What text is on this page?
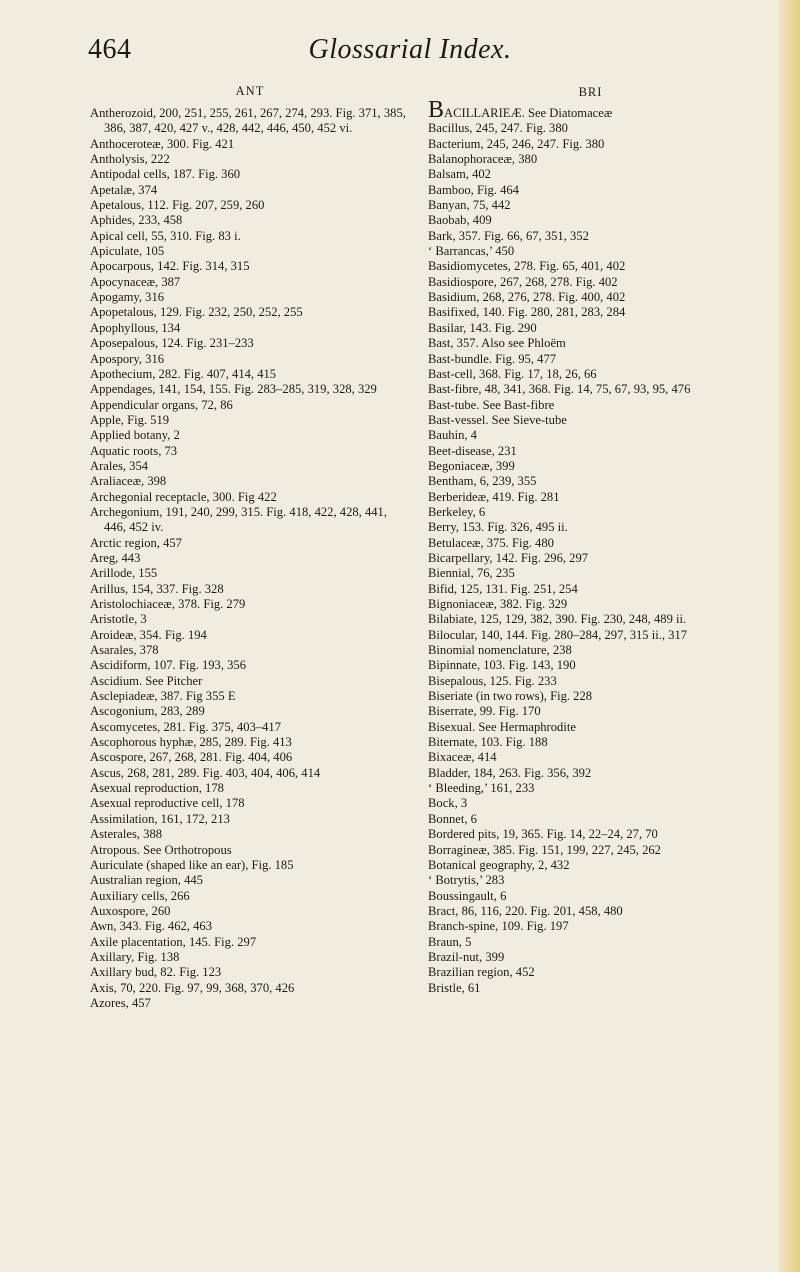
464	Glossarial Index.
ANT
Antherozoid, 200, 251, 255, 261, 267, 274, 293. Fig. 371, 385, 386, 387, 420, 427 v., 428, 442, 446, 450, 452 vi.
Anthoceroteæ, 300. Fig. 421
Antholysis, 222
Antipodal cells, 187. Fig. 360
Apetalæ, 374
Apetalous, 112. Fig. 207, 259, 260
Aphides, 233, 458
Apical cell, 55, 310. Fig. 83 i.
Apiculate, 105
Apocarpous, 142. Fig. 314, 315
Apocynaceæ, 387
Apogamy, 316
Apopetalous, 129. Fig. 232, 250, 252, 255
Apophyllous, 134
Aposepalous, 124. Fig. 231–233
Apospory, 316
Apothecium, 282. Fig. 407, 414, 415
Appendages, 141, 154, 155. Fig. 283–285, 319, 328, 329
Appendicular organs, 72, 86
Apple, Fig. 519
Applied botany, 2
Aquatic roots, 73
Arales, 354
Araliaceæ, 398
Archegonial receptacle, 300. Fig 422
Archegonium, 191, 240, 299, 315. Fig. 418, 422, 428, 441, 446, 452 iv.
Arctic region, 457
Areg, 443
Arillode, 155
Arillus, 154, 337. Fig. 328
Aristolochiaceæ, 378. Fig. 279
Aristotle, 3
Aroideæ, 354. Fig. 194
Asarales, 378
Ascidiform, 107. Fig. 193, 356
Ascidium. See Pitcher
Asclepiadeæ, 387. Fig 355 E
Ascogonium, 283, 289
Ascomycetes, 281. Fig. 375, 403–417
Ascophorous hyphæ, 285, 289. Fig. 413
Ascospore, 267, 268, 281. Fig. 404, 406
Ascus, 268, 281, 289. Fig. 403, 404, 406, 414
Asexual reproduction, 178
Asexual reproductive cell, 178
Assimilation, 161, 172, 213
Asterales, 388
Atropous. See Orthotropous
Auriculate (shaped like an ear), Fig. 185
Australian region, 445
Auxiliary cells, 266
Auxospore, 260
Awn, 343. Fig. 462, 463
Axile placentation, 145. Fig. 297
Axillary, Fig. 138
Axillary bud, 82. Fig. 123
Axis, 70, 220. Fig. 97, 99, 368, 370, 426
Azores, 457
BRI
BACILLARIEÆ. See Diatomaceæ
Bacillus, 245, 247. Fig. 380
Bacterium, 245, 246, 247. Fig. 380
Balanophoraceæ, 380
Balsam, 402
Bamboo, Fig. 464
Banyan, 75, 442
Baobab, 409
Bark, 357. Fig. 66, 67, 351, 352
‘ Barrancas,’ 450
Basidiomycetes, 278. Fig. 65, 401, 402
Basidiospore, 267, 268, 278. Fig. 402
Basidium, 268, 276, 278. Fig. 400, 402
Basifixed, 140. Fig. 280, 281, 283, 284
Basilar, 143. Fig. 290
Bast, 357. Also see Phloëm
Bast-bundle. Fig. 95, 477
Bast-cell, 368. Fig. 17, 18, 26, 66
Bast-fibre, 48, 341, 368. Fig. 14, 75, 67, 93, 95, 476
Bast-tube. See Bast-fibre
Bast-vessel. See Sieve-tube
Bauhin, 4
Beet-disease, 231
Begoniaceæ, 399
Bentham, 6, 239, 355
Berberideæ, 419. Fig. 281
Berkeley, 6
Berry, 153. Fig. 326, 495 ii.
Betulaceæ, 375. Fig. 480
Bicarpellary, 142. Fig. 296, 297
Biennial, 76, 235
Bifid, 125, 131. Fig. 251, 254
Bignoniaceæ, 382. Fig. 329
Bilabiate, 125, 129, 382, 390. Fig. 230, 248, 489 ii.
Bilocular, 140, 144. Fig. 280–284, 297, 315 ii., 317
Binomial nomenclature, 238
Bipinnate, 103. Fig. 143, 190
Bisepalous, 125. Fig. 233
Biseriate (in two rows), Fig. 228
Biserrate, 99. Fig. 170
Bisexual. See Hermaphrodite
Biternate, 103. Fig. 188
Bixaceæ, 414
Bladder, 184, 263. Fig. 356, 392
‘ Bleeding,’ 161, 233
Bock, 3
Bonnet, 6
Bordered pits, 19, 365. Fig. 14, 22–24, 27, 70
Borragineæ, 385. Fig. 151, 199, 227, 245, 262
Botanical geography, 2, 432
‘ Botrytis,’ 283
Boussingault, 6
Bract, 86, 116, 220. Fig. 201, 458, 480
Branch-spine, 109. Fig. 197
Braun, 5
Brazil-nut, 399
Brazilian region, 452
Bristle, 61
